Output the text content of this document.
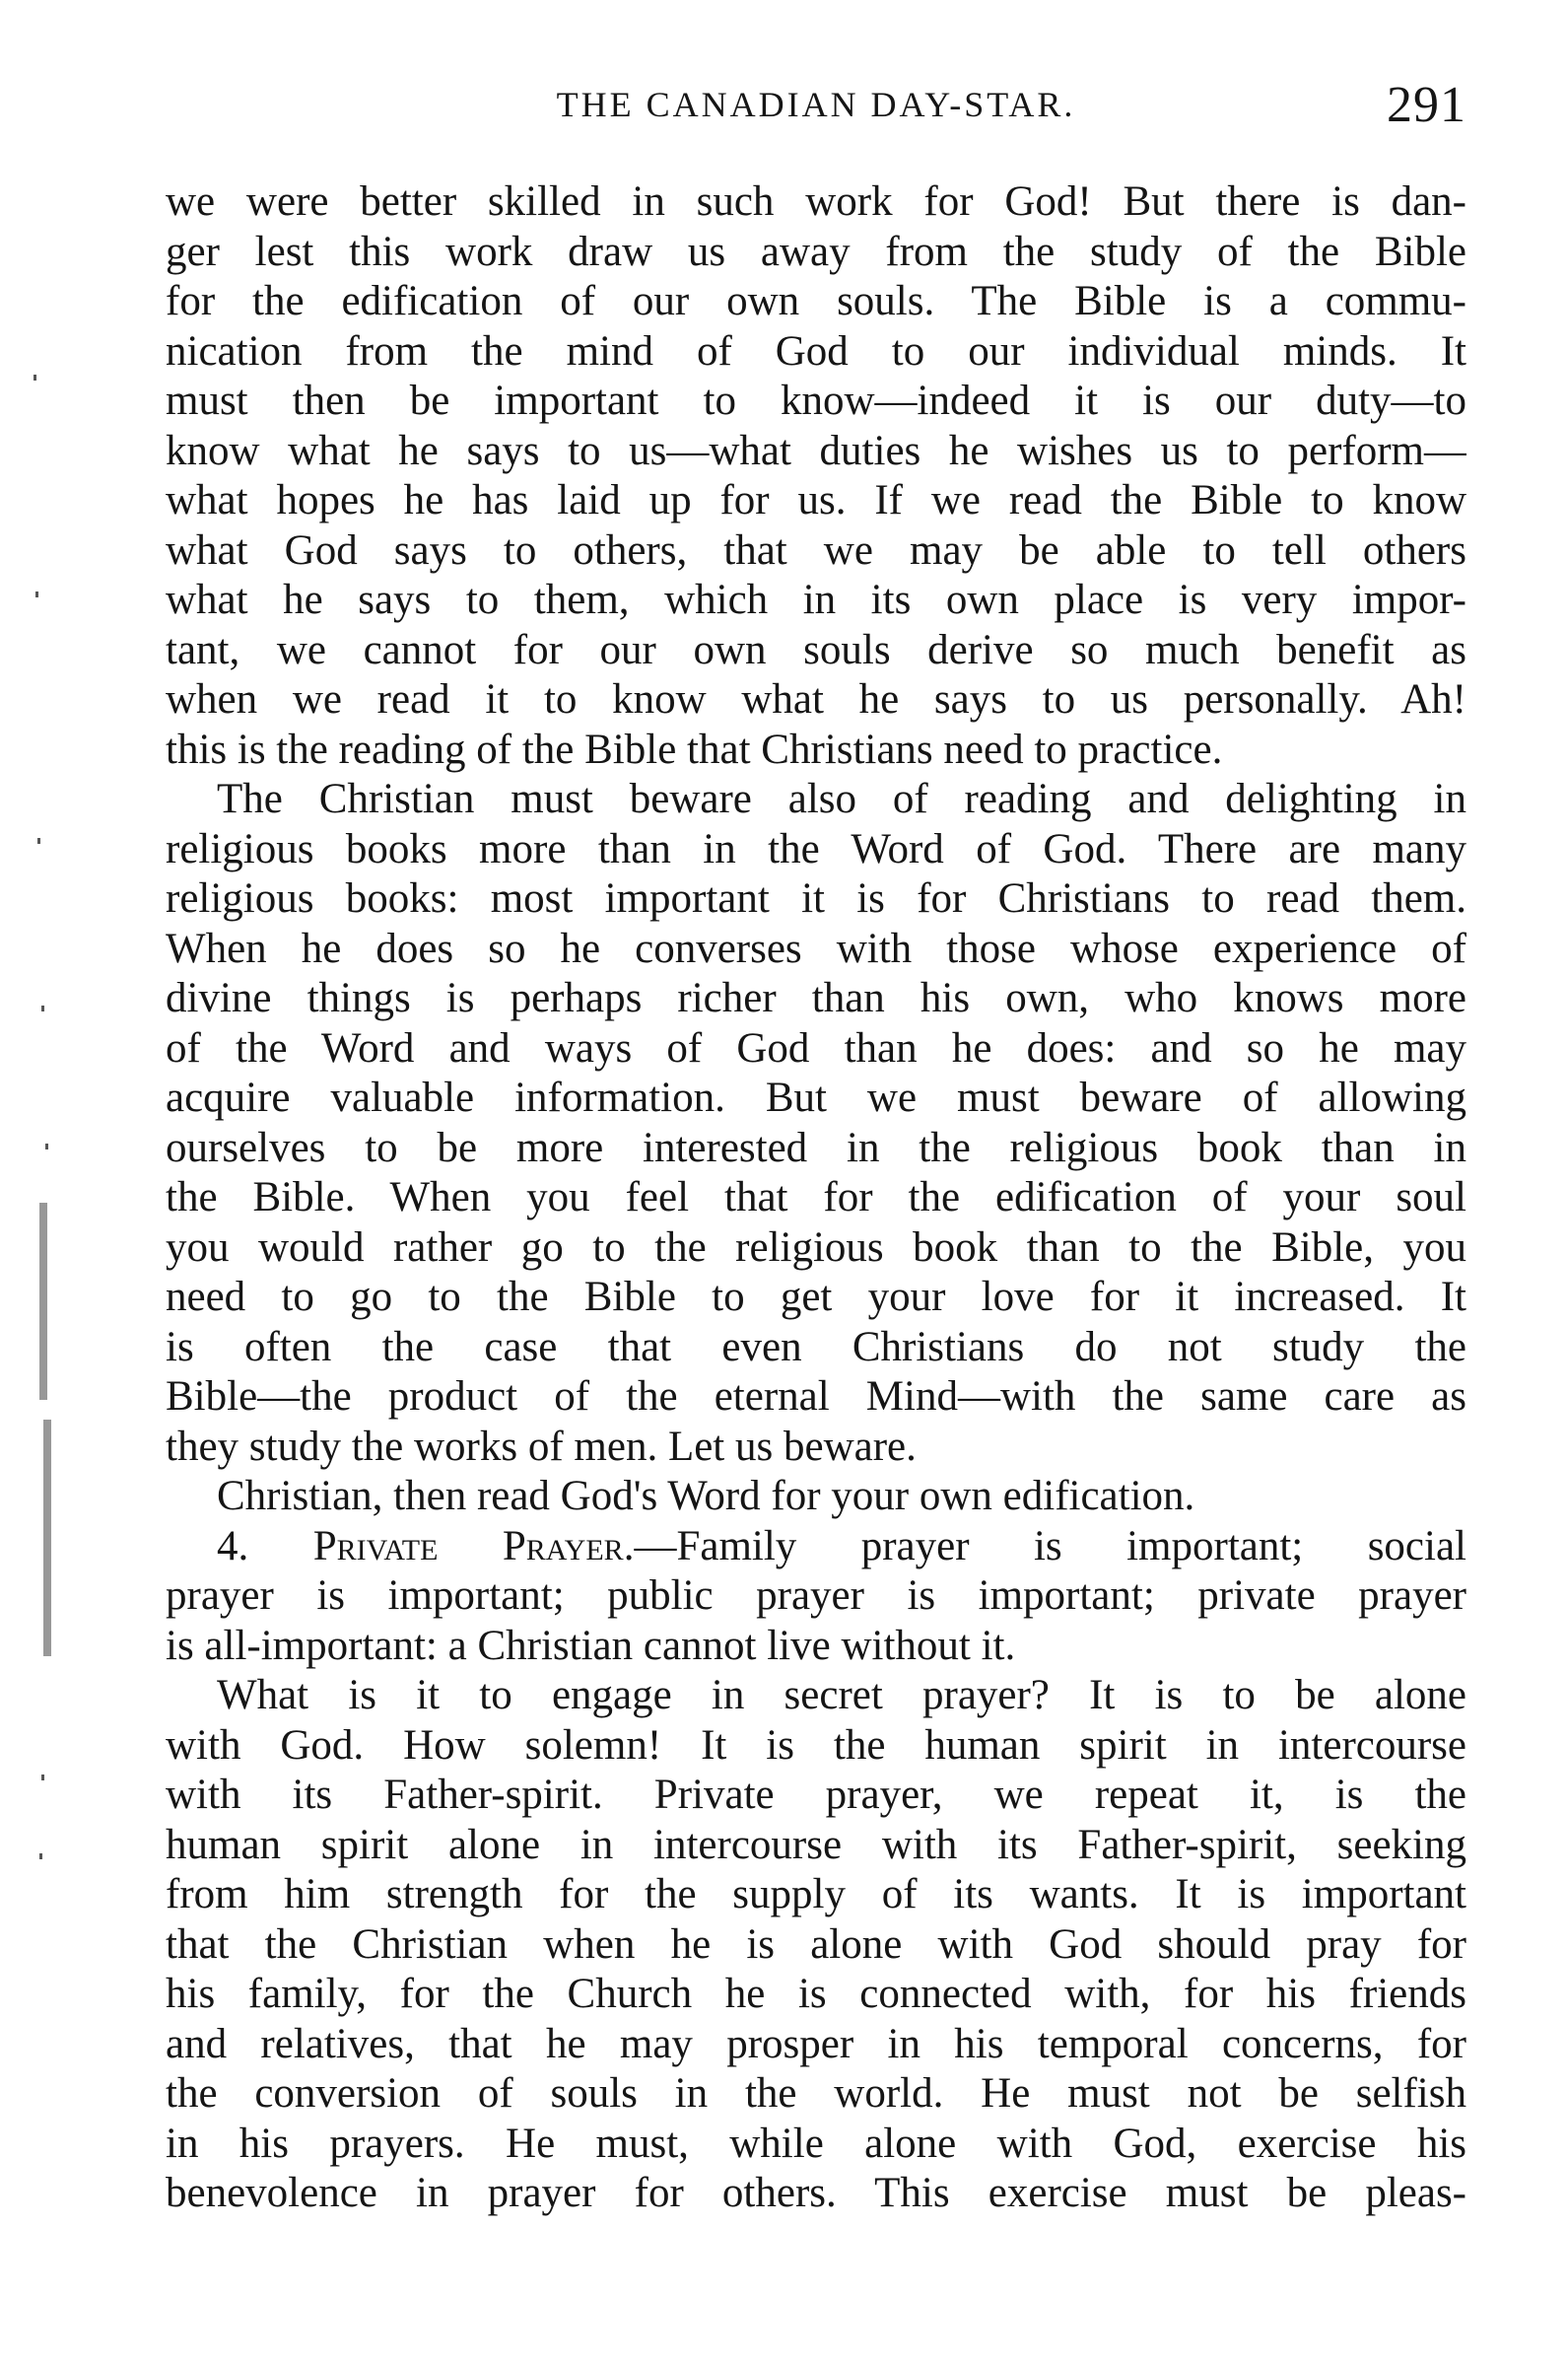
THE CANADIAN DAY-STAR.	291
we were better skilled in such work for God! But there is dan-
ger lest this work draw us away from the study of the Bible
for the edification of our own souls. The Bible is a commu-
nication from the mind of God to our individual minds. It
must then be important to know—indeed it is our duty—to
know what he says to us—what duties he wishes us to perform—
what hopes he has laid up for us. If we read the Bible to know
what God says to others, that we may be able to tell others
what he says to them, which in its own place is very impor-
tant, we cannot for our own souls derive so much benefit as
when we read it to know what he says to us personally. Ah!
this is the reading of the Bible that Christians need to practice.
The Christian must beware also of reading and delighting in
religious books more than in the Word of God. There are many
religious books: most important it is for Christians to read them.
When he does so he converses with those whose experience of
divine things is perhaps richer than his own, who knows more
of the Word and ways of God than he does: and so he may
acquire valuable information. But we must beware of allowing
ourselves to be more interested in the religious book than in
the Bible. When you feel that for the edification of your soul
you would rather go to the religious book than to the Bible, you
need to go to the Bible to get your love for it increased. It
is often the case that even Christians do not study the
Bible—the product of the eternal Mind—with the same care as
they study the works of men. Let us beware.
Christian, then read God's Word for your own edification.
4. Private Prayer.—Family prayer is important; social
prayer is important; public prayer is important; private prayer
is all-important: a Christian cannot live without it.
What is it to engage in secret prayer? It is to be alone
with God. How solemn! It is the human spirit in intercourse
with its Father-spirit. Private prayer, we repeat it, is the
human spirit alone in intercourse with its Father-spirit, seeking
from him strength for the supply of its wants. It is important
that the Christian when he is alone with God should pray for
his family, for the Church he is connected with, for his friends
and relatives, that he may prosper in his temporal concerns, for
the conversion of souls in the world. He must not be selfish
in his prayers. He must, while alone with God, exercise his
benevolence in prayer for others. This exercise must be pleas-
